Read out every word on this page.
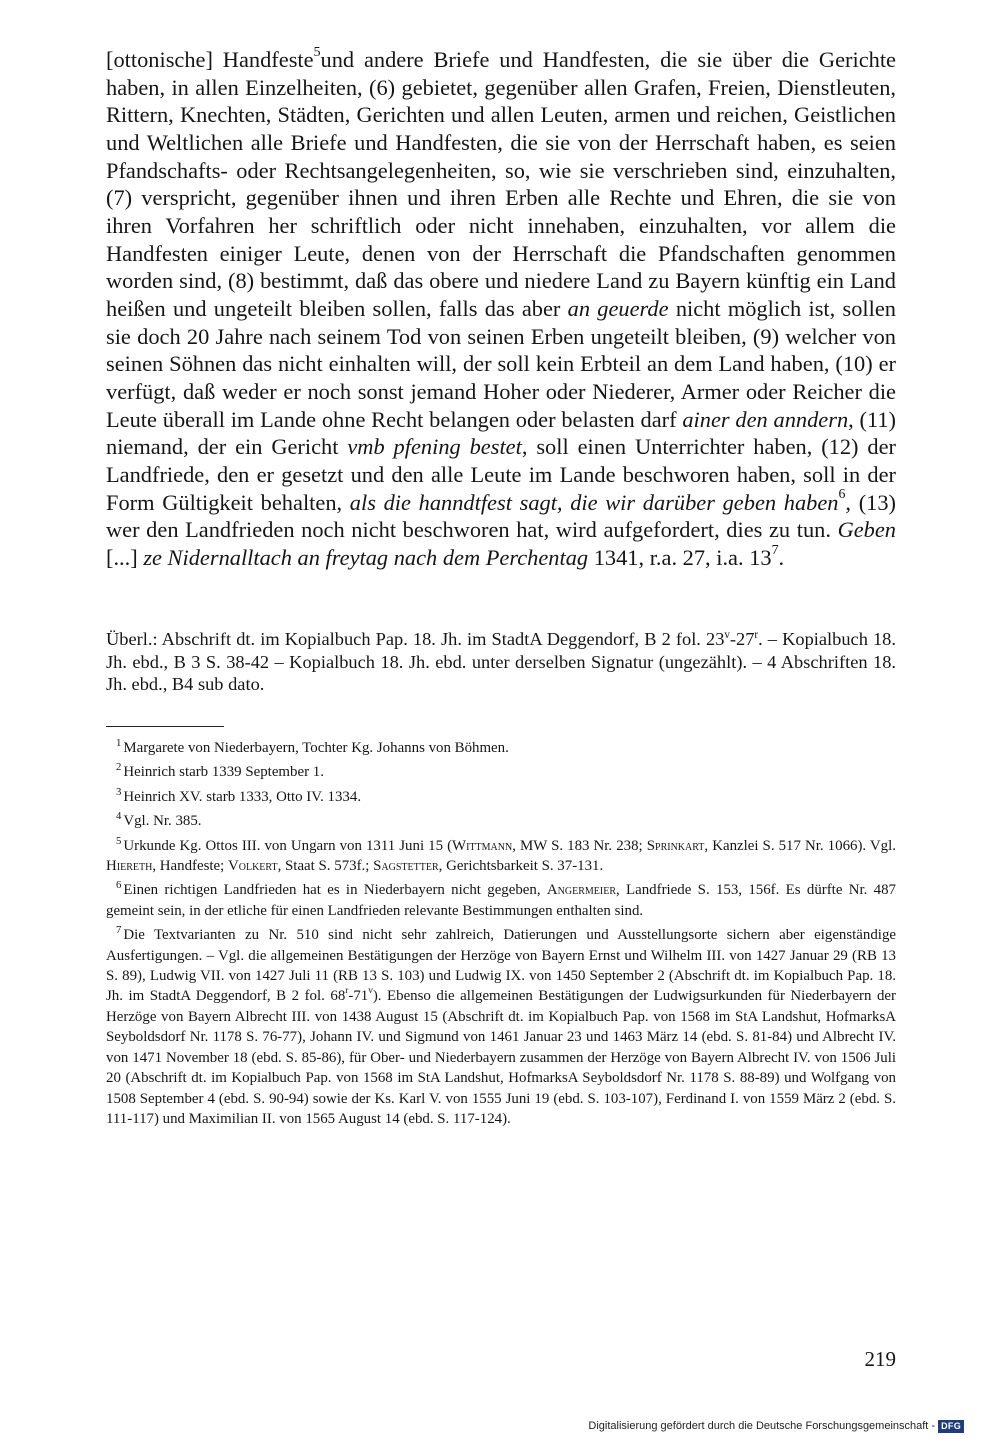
[ottonische] Handfeste$^5$und andere Briefe und Handfesten, die sie über die Gerichte haben, in allen Einzelheiten, (6) gebietet, gegenüber allen Grafen, Freien, Dienstleuten, Rittern, Knechten, Städten, Gerichten und allen Leuten, armen und reichen, Geistlichen und Weltlichen alle Briefe und Handfesten, die sie von der Herrschaft haben, es seien Pfandschafts- oder Rechtsangelegenheiten, so, wie sie verschrieben sind, einzuhalten, (7) verspricht, gegenüber ihnen und ihren Erben alle Rechte und Ehren, die sie von ihren Vorfahren her schriftlich oder nicht innehaben, einzuhalten, vor allem die Handfesten einiger Leute, denen von der Herrschaft die Pfandschaften genommen worden sind, (8) bestimmt, daß das obere und niedere Land zu Bayern künftig ein Land heißen und ungeteilt bleiben sollen, falls das aber an geuerde nicht möglich ist, sollen sie doch 20 Jahre nach seinem Tod von seinen Erben ungeteilt bleiben, (9) welcher von seinen Söhnen das nicht einhalten will, der soll kein Erbteil an dem Land haben, (10) er verfügt, daß weder er noch sonst jemand Hoher oder Niederer, Armer oder Reicher die Leute überall im Lande ohne Recht belangen oder belasten darf ainer den anndern, (11) niemand, der ein Gericht vmb pfening bestet, soll einen Unterrichter haben, (12) der Landfriede, den er gesetzt und den alle Leute im Lande beschworen haben, soll in der Form Gültigkeit behalten, als die hanndtfest sagt, die wir darüber geben haben$^6$, (13) wer den Landfrieden noch nicht beschworen hat, wird aufgefordert, dies zu tun. Geben [...] ze Nidernalltach an freytag nach dem Perchentag 1341, r.a. 27, i.a. $13^7$.

Überl.: Abschrift dt. im Kopialbuch Pap. 18. Jh. im StadtA Deggendorf, B 2 fol. 23$^v$-27$^r$. – Kopialbuch 18. Jh. ebd., B 3 S. 38-42 – Kopialbuch 18. Jh. ebd. unter derselben Signatur (ungezählt). – 4 Abschriften 18. Jh. ebd., B4 sub dato.

$^1$ Margarete von Niederbayern, Tochter Kg. Johanns von Böhmen.

$^2$ Heinrich starb 1339 September 1.

$^3$ Heinrich XV. starb 1333, Otto IV. 1334.

$^4$ Vgl. Nr. 385.

$^5$ Urkunde Kg. Ottos III. von Ungarn von 1311 Juni 15 (Wittmann, MW S. 183 Nr. 238; Sprinkart, Kanzlei S. 517 Nr. 1066). Vgl. Hiereth, Handfeste; Volkert, Staat S. 573f.; Sagstetter, Gerichtsbarkeit S. 37-131.

$^6$ Einen richtigen Landfrieden hat es in Niederbayern nicht gegeben, Angermeier, Landfriede S. 153, 156f. Es dürfte Nr. 487 gemeint sein, in der etliche für einen Landfrieden relevante Bestimmungen enthalten sind.

$^7$ Die Textvarianten zu Nr. 510 sind nicht sehr zahlreich, Datierungen und Ausstellungsorte sichern aber eigenständige Ausfertigungen. – Vgl. die allgemeinen Bestätigungen der Herzöge von Bayern Ernst und Wilhelm III. von 1427 Januar 29 (RB 13 S. 89), Ludwig VII. von 1427 Juli 11 (RB 13 S. 103) und Ludwig IX. von 1450 September 2 (Abschrift dt. im Kopialbuch Pap. 18. Jh. im StadtA Deggendorf, B 2 fol. 68$^r$-71$^v$). Ebenso die allgemeinen Bestätigungen der Ludwigsurkunden für Niederbayern der Herzöge von Bayern Albrecht III. von 1438 August 15 (Abschrift dt. im Kopialbuch Pap. von 1568 im StA Landshut, HofmarksA Seyboldsdorf Nr. 1178 S. 76-77), Johann IV. und Sigmund von 1461 Januar 23 und 1463 März 14 (ebd. S. 81-84) und Albrecht IV. von 1471 November 18 (ebd. S. 85-86), für Ober- und Niederbayern zusammen der Herzöge von Bayern Albrecht IV. von 1506 Juli 20 (Abschrift dt. im Kopialbuch Pap. von 1568 im StA Landshut, HofmarksA Seyboldsdorf Nr. 1178 S. 88-89) und Wolfgang von 1508 September 4 (ebd. S. 90-94) sowie der Ks. Karl V. von 1555 Juni 19 (ebd. S. 103-107), Ferdinand I. von 1559 März 2 (ebd. S. 111-117) und Maximilian II. von 1565 August 14 (ebd. S. 117-124).

219
Digitalisierung gefördert durch die Deutsche Forschungsgemeinschaft - DFG
